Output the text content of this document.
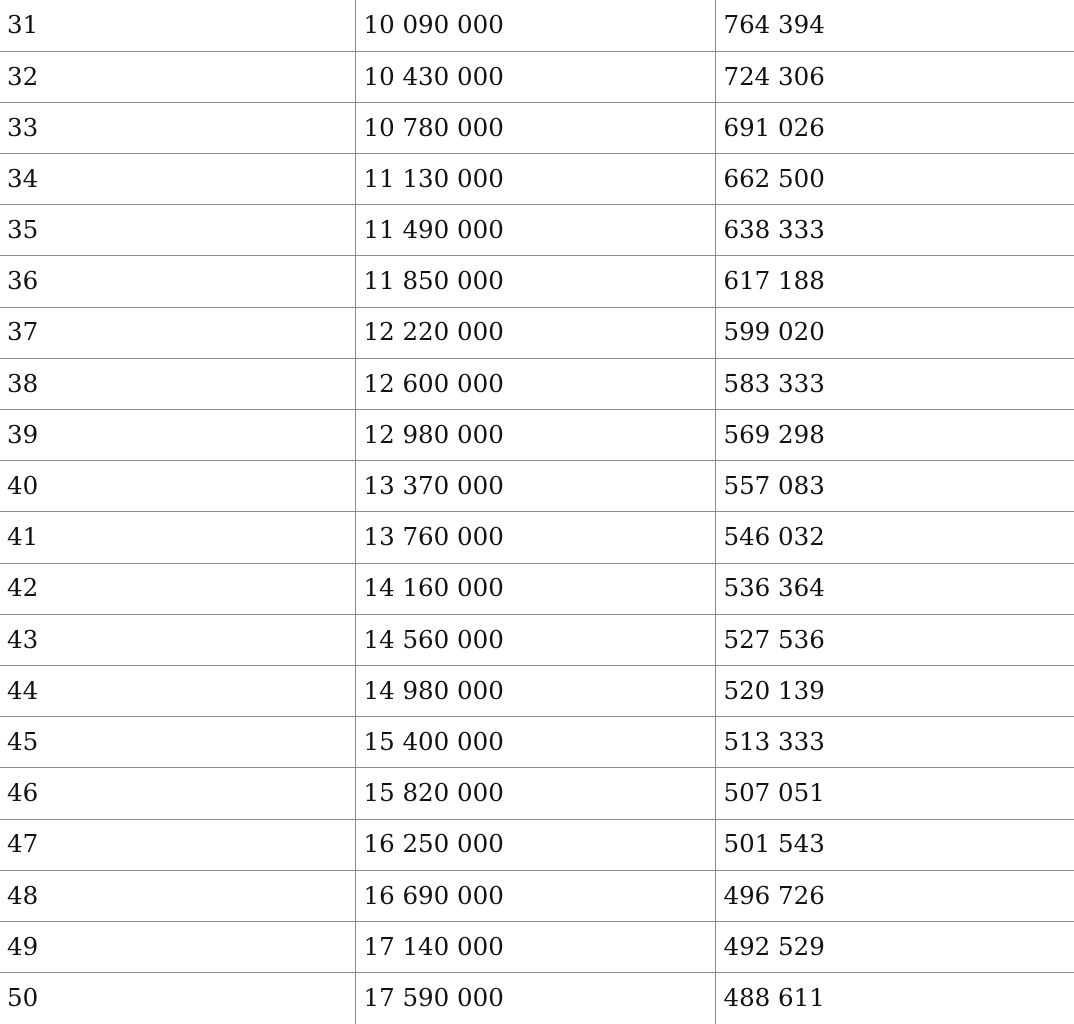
31	10 090 000	764 394
32	10 430 000	724 306
33	10 780 000	691 026
34	11 130 000	662 500
35	11 490 000	638 333
36	11 850 000	617 188
37	12 220 000	599 020
38	12 600 000	583 333
39	12 980 000	569 298
40	13 370 000	557 083
41	13 760 000	546 032
42	14 160 000	536 364
43	14 560 000	527 536
44	14 980 000	520 139
45	15 400 000	513 333
46	15 820 000	507 051
47	16 250 000	501 543
48	16 690 000	496 726
49	17 140 000	492 529
50	17 590 000	488 611
